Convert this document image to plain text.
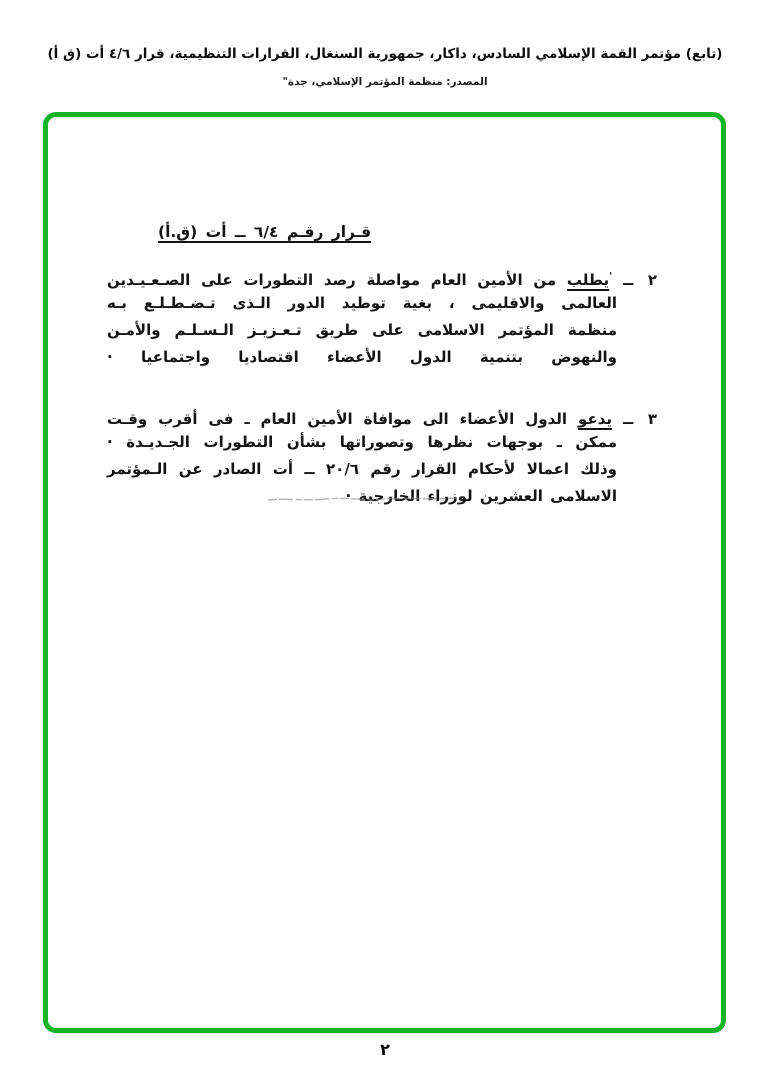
(تابع) مؤتمر القمة الإسلامي السادس، داكار، جمهورية السنغال، القرارات التنظيمية، قرار ٤/٦ أت (ق أ)
المصدر: منظمة المؤتمر الإسلامي، جدة"
قـرار رقـم ٦/٤ ــ أت (ق.أ)
٢ ــ 'يطلب من الأمين العام مواصلة رصد التطورات على الصـعـيـدين
العالمى والاقليمى ، بغية توطيد الدور الـذى تـضـطـلـع بـه
منظمة المؤتمر الاسلامى على طريق تـعـزيـز الـسـلـم والأمـن
والنهوض بتنمية الدول الأعضاء اقتصاديا واجتماعيا ·
٣ ــ يدعو الدول الأعضاء الى موافاة الأمين العام ـ فى أقرب وقـت
ممكن ـ بوجهات نظرها وتصوراتها بشأن التطورات الجـديـدة ·
وذلك اعمالا لأحكام القرار رقم ٢٠/٦ ــ أت الصادر عن الـمؤتمر
الاسلامى العشرين لوزراء الخارجية ·
٢
